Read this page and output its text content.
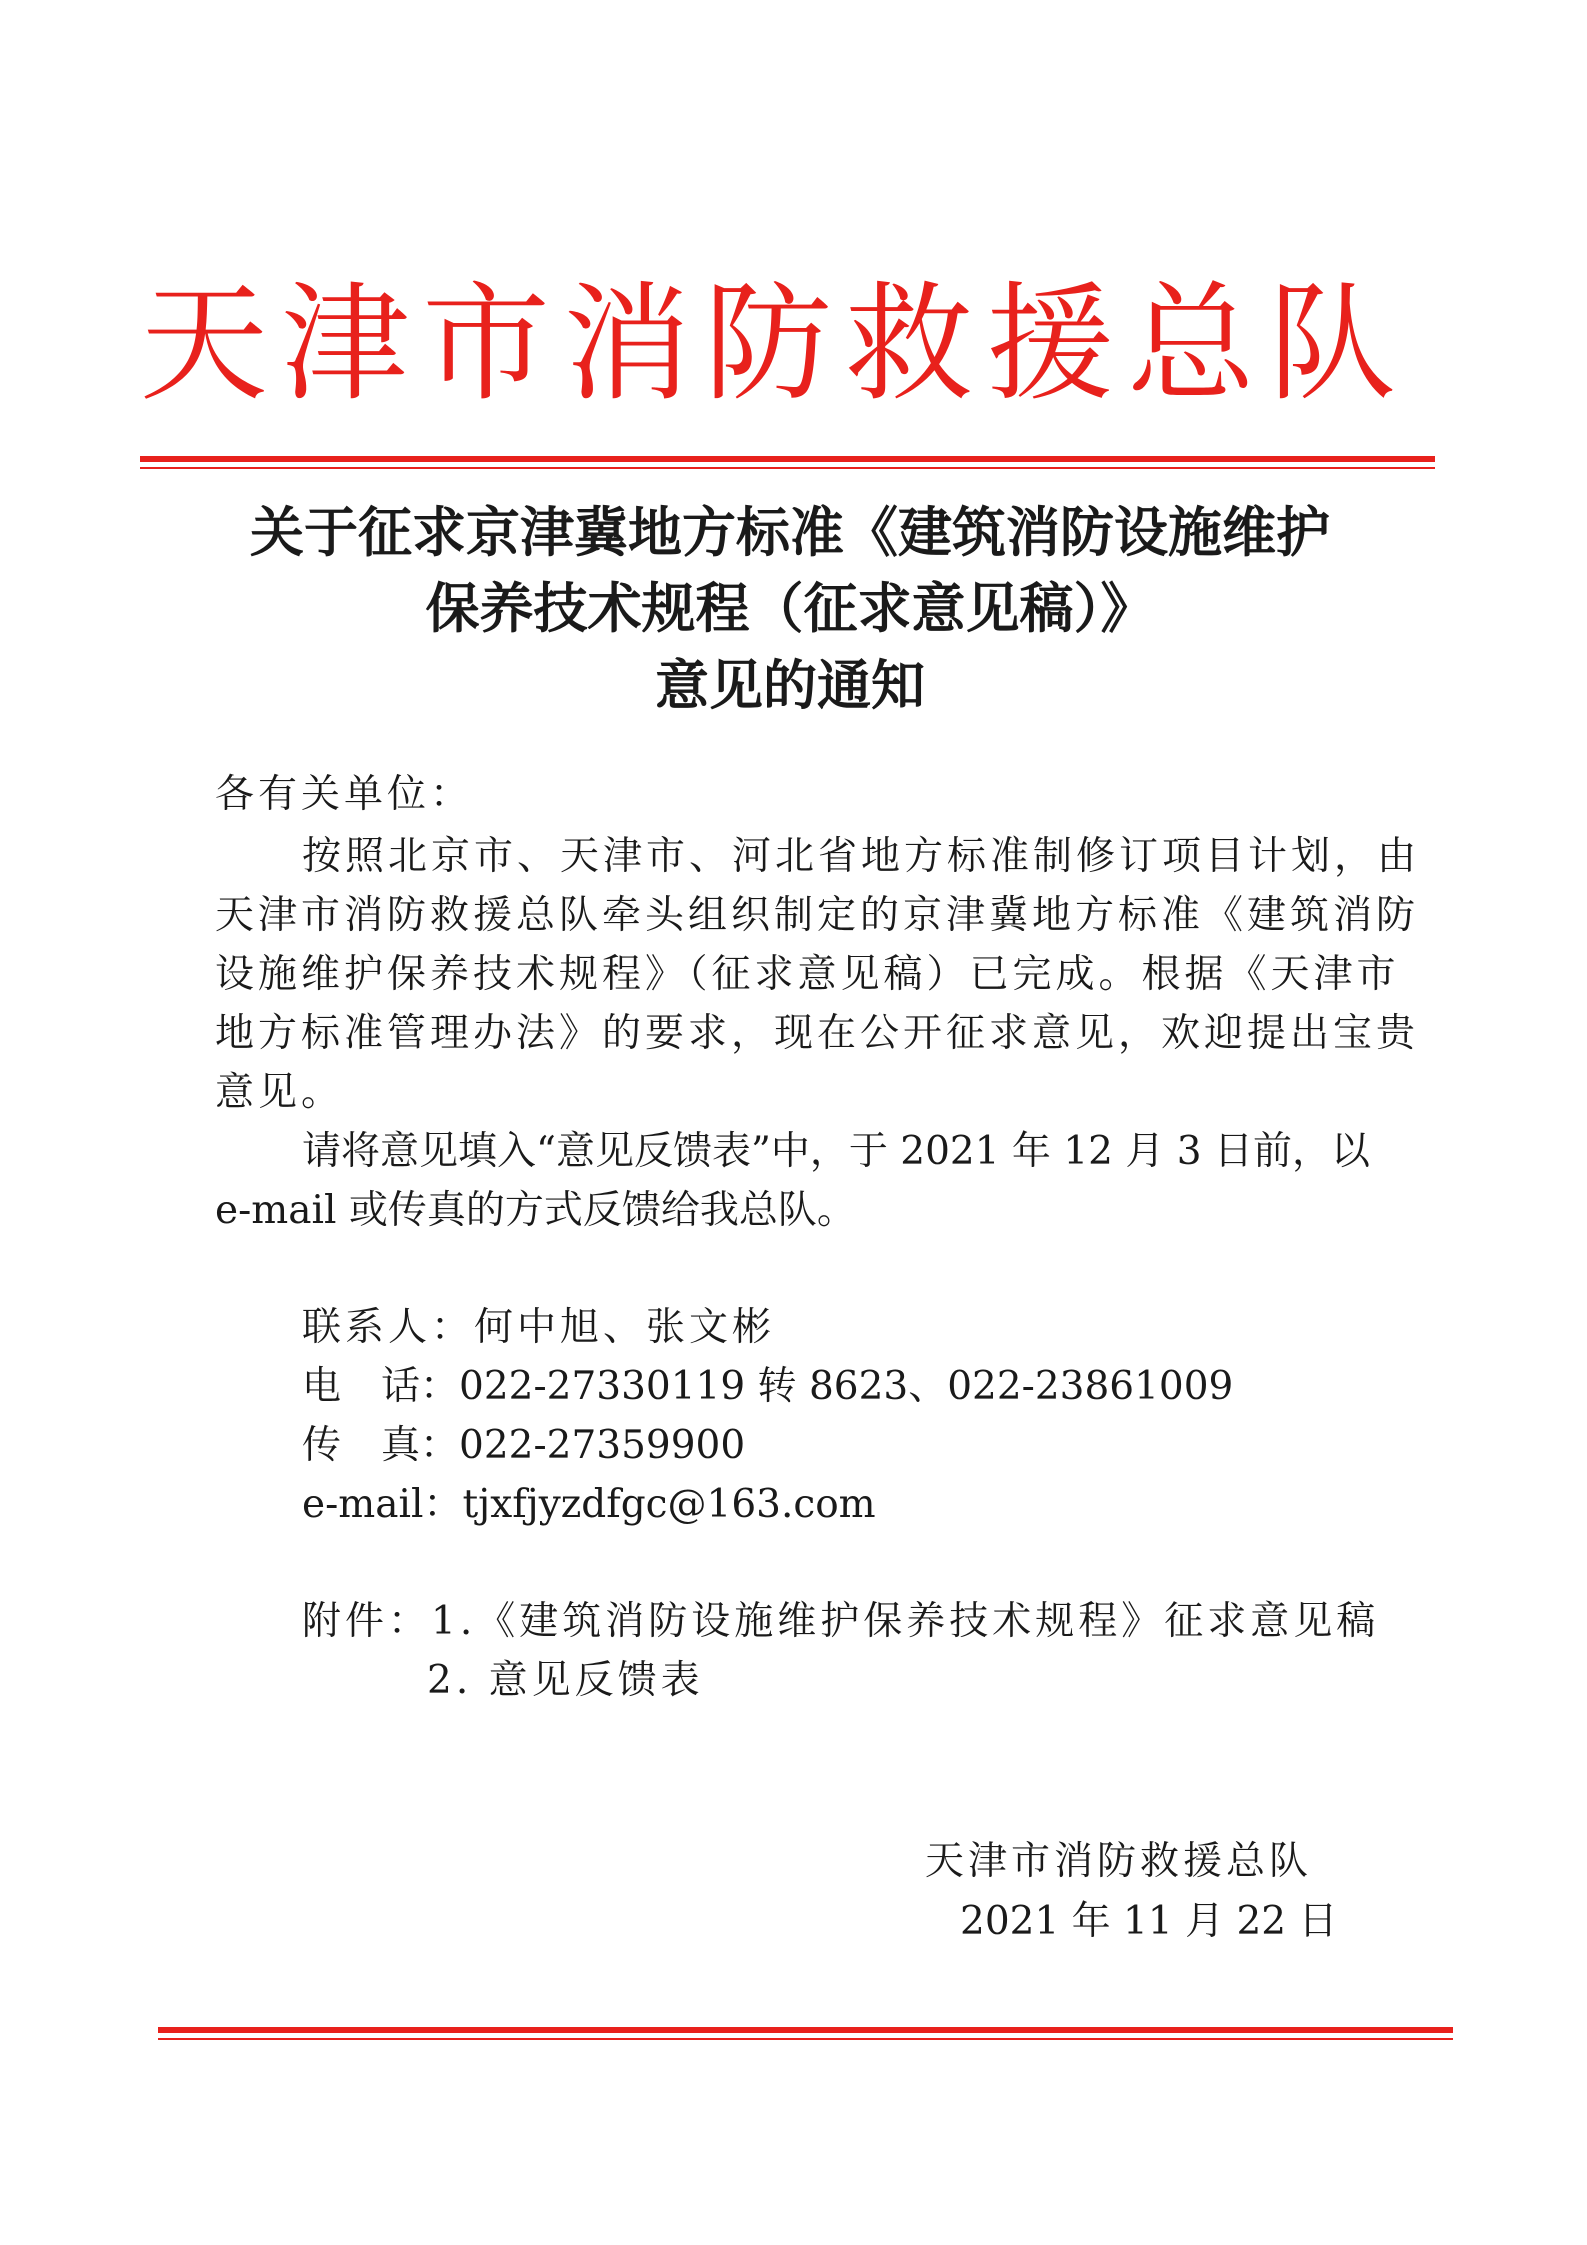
天津市消防救援总队
关于征求京津冀地方标准《建筑消防设施维护
保养技术规程（征求意见稿）》
意见的通知
各有关单位：
按照北京市、天津市、河北省地方标准制修订项目计划，由
天津市消防救援总队牵头组织制定的京津冀地方标准《建筑消防
设施维护保养技术规程》（征求意见稿）已完成。根据《天津市
地方标准管理办法》的要求，现在公开征求意见，欢迎提出宝贵
意见。
请将意见填入“意见反馈表”中，于 2021 年 12 月 3 日前，以
e-mail 或传真的方式反馈给我总队。
联系人：何中旭、张文彬
电话：022-27330119 转 8623、022-23861009
传真：022-27359900
e-mail：tjxfjyzdfgc@163.com
附件：1.《建筑消防设施维护保养技术规程》征求意见稿
2. 意见反馈表
天津市消防救援总队
2021 年 11 月 22 日
